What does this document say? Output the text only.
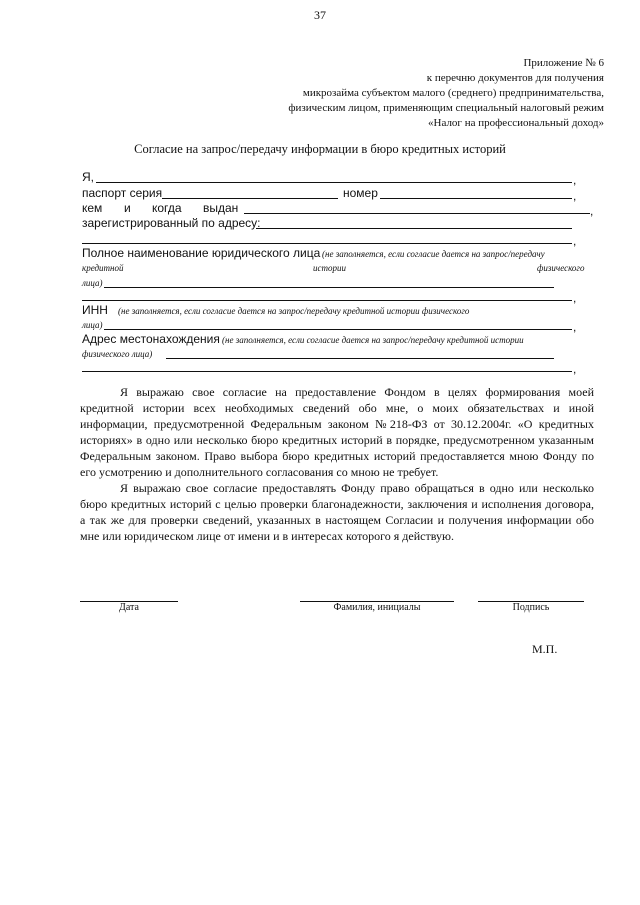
37
Приложение № 6
к перечню документов для получения
микрозайма субъектом малого (среднего) предпринимательства,
физическим лицом, применяющим специальный налоговый режим
«Налог на профессиональный доход»
Согласие на запрос/передачу информации в бюро кредитных историй
Я,	,
паспорт серия	номер	,
кем и когда выдан	,
зарегистрированный по адресу:
,
Полное наименование юридического лица (не заполняется, если согласие дается на запрос/передачу
кредитной	истории	физического
лица)
,
ИНН (не заполняется, если согласие дается на запрос/передачу кредитной истории физического
лица)	,
Адрес местонахождения (не заполняется, если согласие дается на запрос/передачу кредитной истории
физического лица)
,
Я выражаю свое согласие на предоставление Фондом в целях формирования моей кредитной истории всех необходимых сведений обо мне, о моих обязательствах и иной информации, предусмотренной Федеральным законом №218-ФЗ от 30.12.2004г. «О кредитных историях» в одно или несколько бюро кредитных историй в порядке, предусмотренном указанным Федеральным законом. Право выбора бюро кредитных историй предоставляется мною Фонду по его усмотрению и дополнительного согласования со мною не требует.
Я выражаю свое согласие предоставлять Фонду право обращаться в одно или несколько бюро кредитных историй с целью проверки благонадежности, заключения и исполнения договора, а так же для проверки сведений, указанных в настоящем Согласии и получения информации обо мне или юридическом лице от имени и в интересах которого я действую.
Дата	Фамилия, инициалы	Подпись
М.П.
